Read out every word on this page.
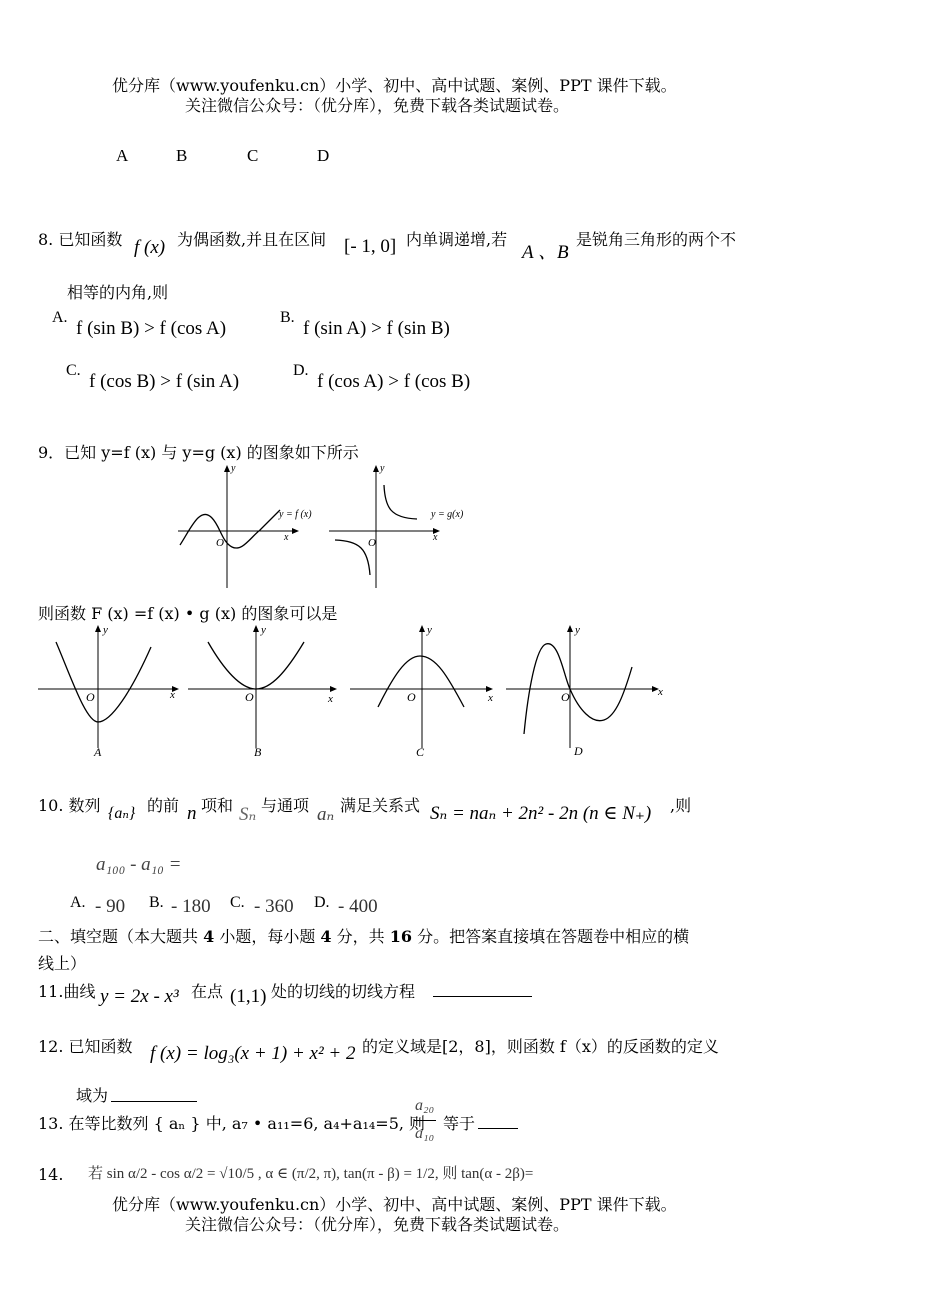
优分库（www.youfenku.cn）小学、初中、高中试题、案例、PPT 课件下载。
关注微信公众号：（优分库），免费下载各类试题试卷。
A	B	C	D
8. 已知函数 f (x) 为偶函数,并且在区间 [- 1, 0] 内单调递增,若
A 、B
是锐角三角形的两个不
相等的内角,则
A.
f (sin B) > f (cos A)
B.
f (sin A) > f (sin B)
C.
f (cos B) > f (sin A)
D.
f (cos A) > f (cos B)
9．已知 y=f (x) 与 y=g (x) 的图象如下所示
y
x
O
y = f (x)
y
x
O
y = g(x)
则函数 F (x) =f (x) • g (x) 的图象可以是
y
x
O
A
y
x
O
B
y
x
O
C
y
x
O
D
10. 数列 {aₙ} 的前 n 项和 Sₙ 与通项 aₙ 满足关系式 Sₙ = naₙ + 2n² - 2n (n ∈ N₊) ,则
a₁₀₀ - a₁₀ =
A. - 90 B. - 180 C. - 360 D. - 400
二、填空题（本大题共 4 小题，每小题 4 分，共 16 分。把答案直接填在答题卷中相应的横
线上）
11.曲线 y = 2x - x³ 在点 (1,1) 处的切线的切线方程
12. 已知函数 f (x) = log₃(x + 1) + x² + 2 的定义域是[2，8]，则函数 f（x）的反函数的定义
域为
13. 在等比数列 { aₙ } 中, a₇ • a₁₁=6, a₄+a₁₄=5, 则
a₂₀
a₁₀
等于
14. 若 sin α/2 - cos α/2 = √10/5 , α ∈ (π/2, π), tan(π - β) = 1/2, 则 tan(α - 2β)=
优分库（www.youfenku.cn）小学、初中、高中试题、案例、PPT 课件下载。
关注微信公众号：（优分库），免费下载各类试题试卷。
